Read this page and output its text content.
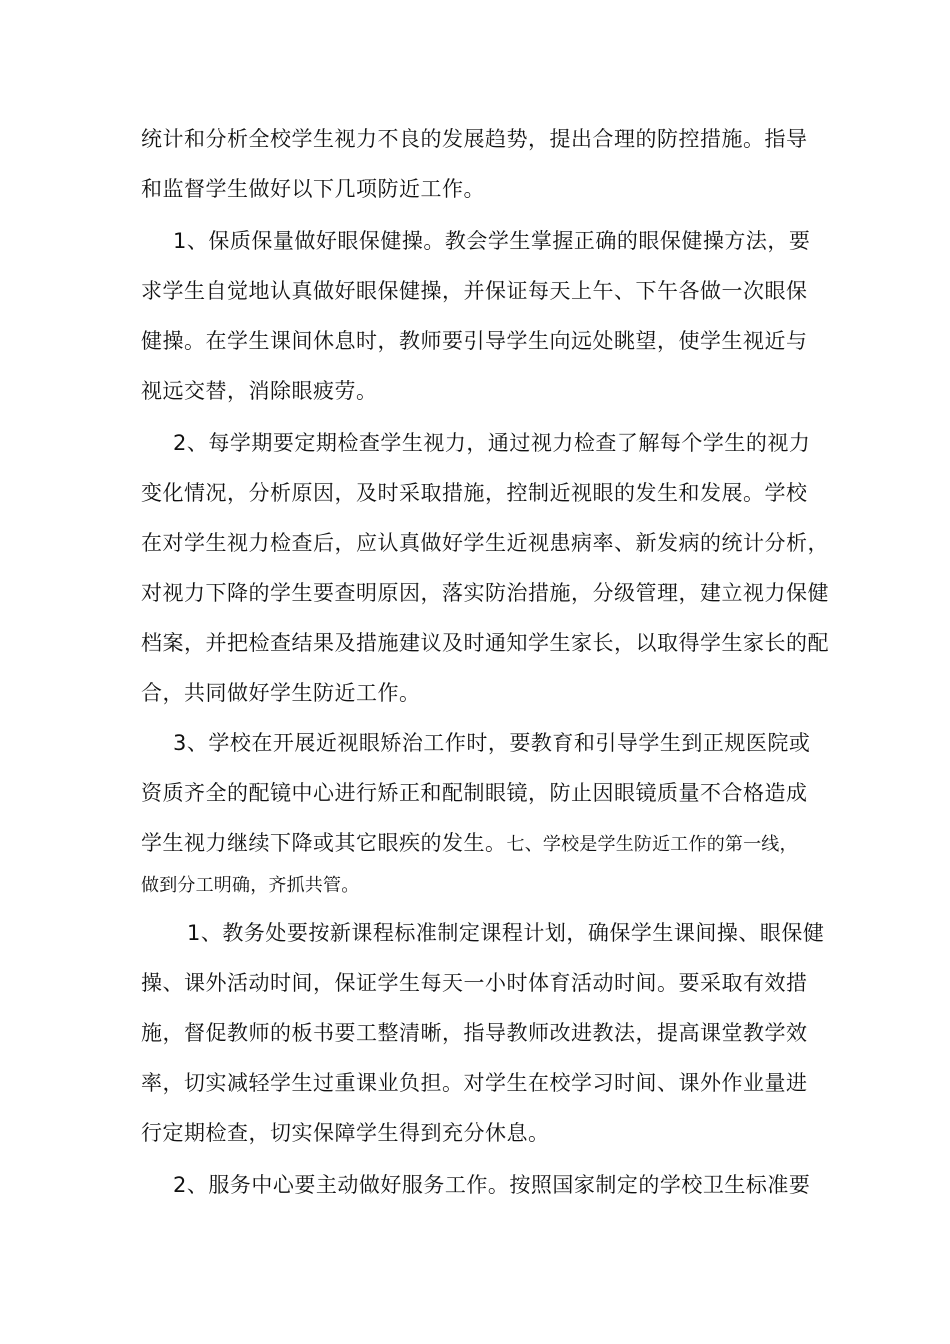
统计和分析全校学生视力不良的发展趋势，提出合理的防控措施。指导
和监督学生做好以下几项防近工作。
1、保质保量做好眼保健操。教会学生掌握正确的眼保健操方法，要
求学生自觉地认真做好眼保健操，并保证每天上午、下午各做一次眼保
健操。在学生课间休息时，教师要引导学生向远处眺望，使学生视近与
视远交替，消除眼疲劳。
2、每学期要定期检查学生视力，通过视力检查了解每个学生的视力
变化情况，分析原因，及时采取措施，控制近视眼的发生和发展。学校
在对学生视力检查后，应认真做好学生近视患病率、新发病的统计分析，
对视力下降的学生要查明原因，落实防治措施，分级管理，建立视力保健
档案，并把检查结果及措施建议及时通知学生家长，以取得学生家长的配
合，共同做好学生防近工作。
3、学校在开展近视眼矫治工作时，要教育和引导学生到正规医院或
资质齐全的配镜中心进行矫正和配制眼镜，防止因眼镜质量不合格造成
学生视力继续下降或其它眼疾的发生。七、学校是学生防近工作的第一线，
做到分工明确，齐抓共管。
1、教务处要按新课程标准制定课程计划，确保学生课间操、眼保健
操、课外活动时间，保证学生每天一小时体育活动时间。要采取有效措
施，督促教师的板书要工整清晰，指导教师改进教法，提高课堂教学效
率，切实减轻学生过重课业负担。对学生在校学习时间、课外作业量进
行定期检查，切实保障学生得到充分休息。
2、服务中心要主动做好服务工作。按照国家制定的学校卫生标准要
